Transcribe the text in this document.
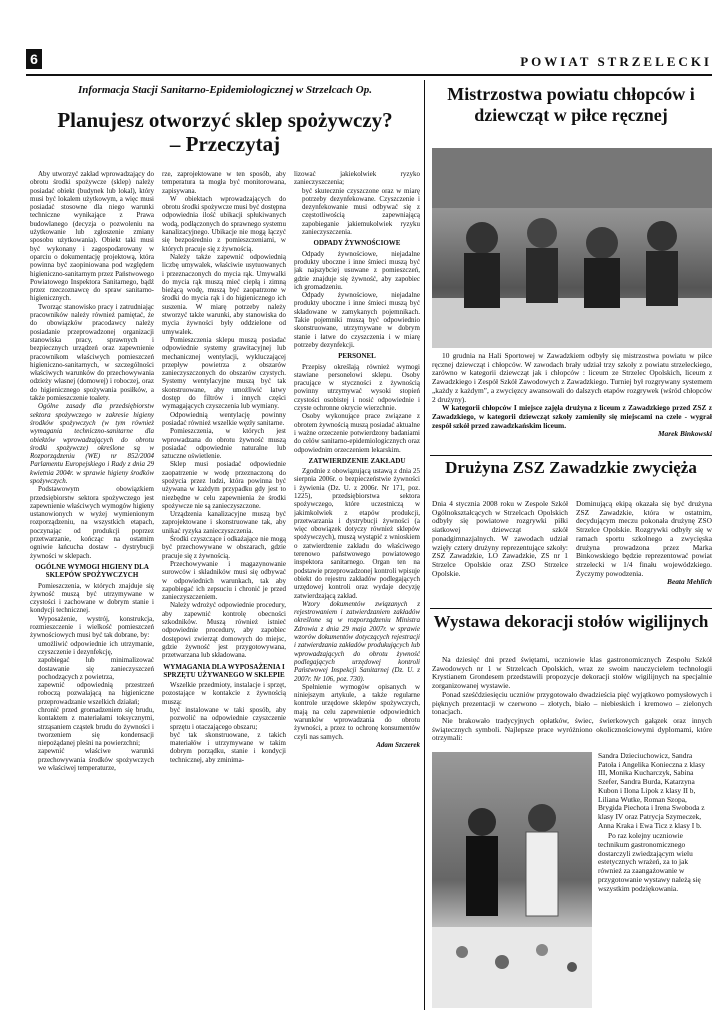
6	POWIAT STRZELECKI
Informacja Stacji Sanitarno-Epidemiologicznej w Strzelcach Op.
Planujesz otworzyć sklep spożywczy?
– Przeczytaj

Aby utworzyć zakład wprowadzający do obrotu środki spożywcze (sklep) należy posiadać obiekt (budynek lub lokal), który musi być lokalem użytkowym, a więc musi posiadać stosowne dla niego warunki techniczne wynikające z Prawa budowlanego (decyzja o pozwoleniu na użytkowanie lub zgłoszenie zmiany sposobu użytkowania). Obiekt taki musi być wykonany i zagospodarowany w oparciu o dokumentację projektową, która powinna być zaopiniowana pod względem higieniczno-sanitarnym przez Państwowego Powiatowego Inspektora Sanitarnego, bądź przez rzeczoznawcę do spraw sanitarno-higienicznych.

Tworząc stanowisko pracy i zatrudniając pracowników należy również pamiętać, że do obowiązków pracodawcy należy posiadanie przeprowadzonej organizacji stanowiska pracy, sprawnych i bezpiecznych urządzeń oraz zapewnienie pracownikom właściwych pomieszczeń higieniczno-sanitarnych, w szczególności właściwych warunków do przechowywania odzieży własnej (domowej) i roboczej, oraz do higienicznego spożywania posiłków, a także pomieszczenie toalety.

Ogólne zasady dla przedsiębiorstw sektora spożywczego w zakresie higieny środków spożywczych (w tym również wymagania techniczno-sanitarne dla obiektów wprowadzających do obrotu środki spożywcze) określone są w Rozporządzeniu (WE) nr 852/2004 Parlamentu Europejskiego i Rady z dnia 29 kwietnia 2004r. w sprawie higieny środków spożywczych.

Podstawowym obowiązkiem przedsiębiorstw sektora spożywczego jest zapewnienie właściwych wymogów higieny ustanowionych w wyżej wymienionym rozporządzeniu, na wszystkich etapach, poczynając od produkcji poprzez przetwarzanie, kończąc na ostatnim ogniwie łańcucha dostaw - dystrybucji żywności w sklepach.

OGÓLNE WYMOGI HIGIENY DLA SKLEPÓW SPOŻYWCZYCH

Pomieszczenia, w których znajduje się żywność muszą być utrzymywane w czystości i zachowane w dobrym stanie i kondycji technicznej.

Wyposażenie, wystrój, konstrukcja, rozmieszczenie i wielkość pomieszczeń żywnościowych musi być tak dobrane, by:

• umożliwić odpowiednie ich utrzymanie, czyszczenie i dezynfekcję,
• zapobiegać lub minimalizować dostawanie się zanieczyszczeń pochodzących z powietrza,
• zapewnić odpowiednią przestrzeń roboczą pozwalającą na higieniczne przeprowadzanie wszelkich działań;
• chronić przed gromadzeniem się brudu, kontaktem z materiałami toksycznymi, strząsaniem cząstek brudu do żywności i tworzeniem się kondensacji niepożądanej pleśni na powierzchni;
• zapewnić właściwe warunki przechowywania środków spożywczych we właściwej temperaturze,

rze, zaprojektowane w ten sposób, aby temperatura ta mogła być monitorowana, zapisywana.

W obiektach wprowadzających do obrotu środki spożywcze musi być dostępna odpowiednia ilość ubikacji spłukiwanych wodą, podłączonych do sprawnego systemu kanalizacyjnego. Ubikacje nie mogą łączyć się bezpośrednio z pomieszczeniami, w których pracuje się z żywnością.

Należy także zapewnić odpowiednią liczbę umywalek, właściwie usytuowanych i przeznaczonych do mycia rąk. Umywalki do mycia rąk muszą mieć ciepłą i zimną bieżącą wodę, muszą być zaopatrzone w środki do mycia rąk i do higienicznego ich suszenia. W miarę potrzeby należy stworzyć także warunki, aby stanowiska do mycia żywności były oddzielone od umywalek.

Pomieszczenia sklepu muszą posiadać odpowiednie systemy grawitacyjnej lub mechanicznej wentylacji, wykluczającej przepływ powietrza z obszarów zanieczyszczonych do obszarów czystych. Systemy wentylacyjne muszą być tak skonstruowane, aby umożliwić łatwy dostęp do filtrów i innych części wymagających czyszczenia lub wymiany.

Odpowiednią wentylację powinny posiadać również wszelkie węzły sanitarne.

Pomieszczenia, w których jest wprowadzana do obrotu żywność muszą posiadać odpowiednie naturalne lub sztuczne oświetlenie.

Sklep musi posiadać odpowiednie zaopatrzenie w wodę przeznaczoną do spożycia przez ludzi, która powinna być używana w każdym przypadku gdy jest to niezbędne w celu zapewnienia że środki spożywcze nie są zanieczyszczone.

Urządzenia kanalizacyjne muszą być zaprojektowane i skonstruowane tak, aby unikać ryzyka zanieczyszczenia.

Środki czyszczące i odkażające nie mogą być przechowywane w obszarach, gdzie pracuje się z żywnością.

Przechowywanie i magazynowanie surowców i składników musi się odbywać w odpowiednich warunkach, tak aby zapobiegać ich zepsuciu i chronić je przed zanieczyszczeniem.

Należy wdrożyć odpowiednie procedury, aby zapewnić kontrolę obecności szkodników. Muszą również istnieć odpowiednie procedury, aby zapobiec dostępowi zwierząt domowych do miejsc, gdzie żywność jest przygotowywana, przetwarzana lub składowana.

WYMAGANIA DLA WYPOSAŻENIA I SPRZĘTU UŻYWANEGO W SKLEPIE

Wszelkie przedmioty, instalacje i sprzęt, pozostające w kontakcie z żywnością muszą:

• być instalowane w taki sposób, aby pozwolić na odpowiednie czyszczenie sprzętu i otaczającego obszaru;
• być tak skonstruowane, z takich materiałów i utrzymywane w takim dobrym porządku, stanie i kondycji technicznej, aby zminima-

lizować jakiekolwiek ryzyko zanieczyszczenia;

• być skutecznie czyszczone oraz w miarę potrzeby dezynfekowane. Czyszczenie i dezynfekowanie musi odbywać się z częstotliwością zapewniającą zapobieganie jakiemukolwiek ryzyku zanieczyszczenia.
ODPADY ŻYWNOŚCIOWE

Odpady żywnościowe, niejadalne produkty uboczne i inne śmieci muszą być jak najszybciej usuwane z pomieszczeń, gdzie znajduje się żywność, aby zapobiec ich gromadzeniu.

Odpady żywnościowe, niejadalne produkty uboczne i inne śmieci muszą być składowane w zamykanych pojemnikach. Takie pojemniki muszą być odpowiednio skonstruowane, utrzymywane w dobrym stanie i łatwe do czyszczenia i w miarę potrzeby dezynfekcji.

PERSONEL

Przepisy określają również wymogi stawiane personelowi sklepu. Osoby pracujące w styczności z żywnością powinny utrzymywać wysoki stopień czystości osobistej i nosić odpowiednie i czyste ochronne okrycie wierzchnie.

Osoby wykonujące prace związane z obrotem żywnością muszą posiadać aktualne i ważne orzeczenie potwierdzony badaniami do celów sanitarno-epidemiologicznych oraz odpowiednim orzeczeniem lekarskim.

ZATWIERDZENIE ZAKŁADU

Zgodnie z obowiązującą ustawą z dnia 25 sierpnia 2006r. o bezpieczeństwie żywności i żywienia (Dz. U. z 2006r. Nr 171, poz. 1225), przedsiębiorstwa sektora spożywczego, które uczestniczą w jakimkolwiek z etapów produkcji, przetwarzania i dystrybucji żywności (a więc obowiązek dotyczy również sklepów spożywczych), muszą wystąpić z wnioskiem o zatwierdzenie zakładu do właściwego terenowo państwowego powiatowego inspektora sanitarnego. Organ ten na podstawie przeprowadzonej kontroli wpisuje obiekt do rejestru zakładów podlegających urzędowej kontroli oraz wydaje decyzję zatwierdzającą zakład.

Wzory dokumentów związanych z rejestrowaniem i zatwierdzaniem zakładów określone są w rozporządzeniu Ministra Zdrowia z dnia 29 maja 2007r. w sprawie wzorów dokumentów dotyczących rejestracji i zatwierdzania zakładów produkujących lub wprowadzających do obrotu żywność podlegających urzędowej kontroli Państwowej Inspekcji Sanitarnej (Dz. U. z 2007r. Nr 106, poz. 730).

Spełnienie wymogów opisanych w niniejszym artykule, a także regularne kontrole urzędowe sklepów spożywczych, mają na celu zapewnienie odpowiednich warunków wprowadzania do obrotu żywności, a przez to ochronę konsumentów czyli nas samych.

Adam Szczerek
Mistrzostwa powiatu chłopców i dziewcząt w piłce ręcznej

10 grudnia na Hali Sportowej w Zawadzkiem odbyły się mistrzostwa powiatu w piłce ręcznej dziewcząt i chłopców. W zawodach brały udział trzy szkoły z powiatu strzeleckiego, zarówno w kategorii dziewcząt jak i chłopców : liceum ze Strzelec Opolskich, liceum z Zawadzkiego i Zespół Szkół Zawodowych z Zawadzkiego. Turniej był rozgrywany systemem „każdy z każdym”, a zwycięzcy awansowali do dalszych etapów rozgrywek (wśród chłopców 2 drużyny).

W kategorii chłopców I miejsce zajęła drużyna z liceum z Zawadzkiego przed ZSZ z Zawadzkiego, w kategorii dziewcząt szkoły zamieniły się miejscami na czele - wygrał zespół szkół przed zawadzkańskim liceum.

Marek Binkowski
Drużyna ZSZ Zawadzkie zwycięża
Dnia 4 stycznia 2008 roku w Zespole Szkół Ogólnokształcących w Strzelcach Opolskich odbyły się powiatowe rozgrywki piłki siatkowej dziewcząt szkół ponadgimnazjalnych. W zawodach udział wzięły cztery drużyny reprezentujące szkoły: ZSZ Zawadzkie, LO Zawadzkie, ZS nr 1 Strzelce Opolskie oraz ZSO Strzelce Opolskie.
Dominującą ekipą okazała się być drużyna ZSZ Zawadzkie, która w ostatnim, decydującym meczu pokonała drużynę ZSO Strzelce Opolskie. Rozgrywki odbyły się w ramach sportu szkolnego a zwycięska drużyna prowadzona przez Marka Binkowskiego będzie reprezentować powiat strzelecki w 1/4 finału wojewódzkiego. Życzymy powodzenia.
Beata Mehlich
Wystawa dekoracji stołów wigilijnych

Na dziesięć dni przed świętami, uczniowie klas gastronomicznych Zespołu Szkół Zawodowych nr 1 w Strzelcach Opolskich, wraz ze swoim nauczycielem technologii Krystianem Grondesem przedstawili propozycje dekoracji stołów wigilijnych na specjalnie zorganizowanej wystawie.

Ponad sześćdziesięciu uczniów przygotowało dwadzieścia pięć wyjątkowo pomysłowych i pięknych prezentacji w czerwono – złotych, biało – niebieskich i kremowo – zielonych tonacjach.

Nie brakowało tradycyjnych opłatków, świec, świerkowych gałązek oraz innych świątecznych symboli. Najlepsze prace wyróżniono okolicznościowymi dyplomami, które otrzymali:

Sandra Dzieciuchowicz, Sandra Patoła i Angelika Konieczna z klasy III, Monika Kucharczyk, Sabina Szefer, Sandra Burda, Katarzyna Kubon i Ilona Lipok z klasy II b, Liliana Wutke, Roman Szopa, Brygida Piechota i Irena Swoboda z klasy IV oraz Patrycja Szymeczek, Anna Kraka i Ewa Ticz z klasy I b.

Po raz kolejny uczniowie technikum gastronomicznego dostarczyli zwiedzającym wielu estetycznych wrażeń, za to jak również za zaangażowanie w przygotowanie wystawy należą się wszystkim podziękowania.
